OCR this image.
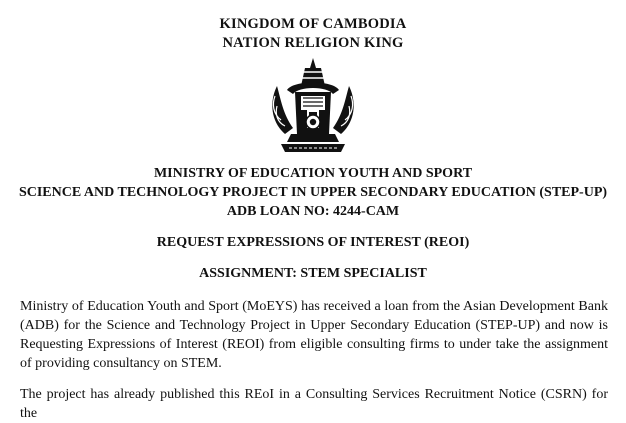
KINGDOM OF CAMBODIA
NATION RELIGION KING
MINISTRY OF EDUCATION YOUTH AND SPORT
SCIENCE AND TECHNOLOGY PROJECT IN UPPER SECONDARY EDUCATION (STEP-UP)
ADB LOAN NO: 4244-CAM
REQUEST EXPRESSIONS OF INTEREST (REOI)
ASSIGNMENT: STEM SPECIALIST
Ministry of Education Youth and Sport (MoEYS) has received a loan from the Asian Development Bank (ADB) for the Science and Technology Project in Upper Secondary Education (STEP-UP) and now is Requesting Expressions of Interest (REOI) from eligible consulting firms to under take the assignment of providing consultancy on STEM.
The project has already published this REoI in a Consulting Services Recruitment Notice (CSRN) for the
